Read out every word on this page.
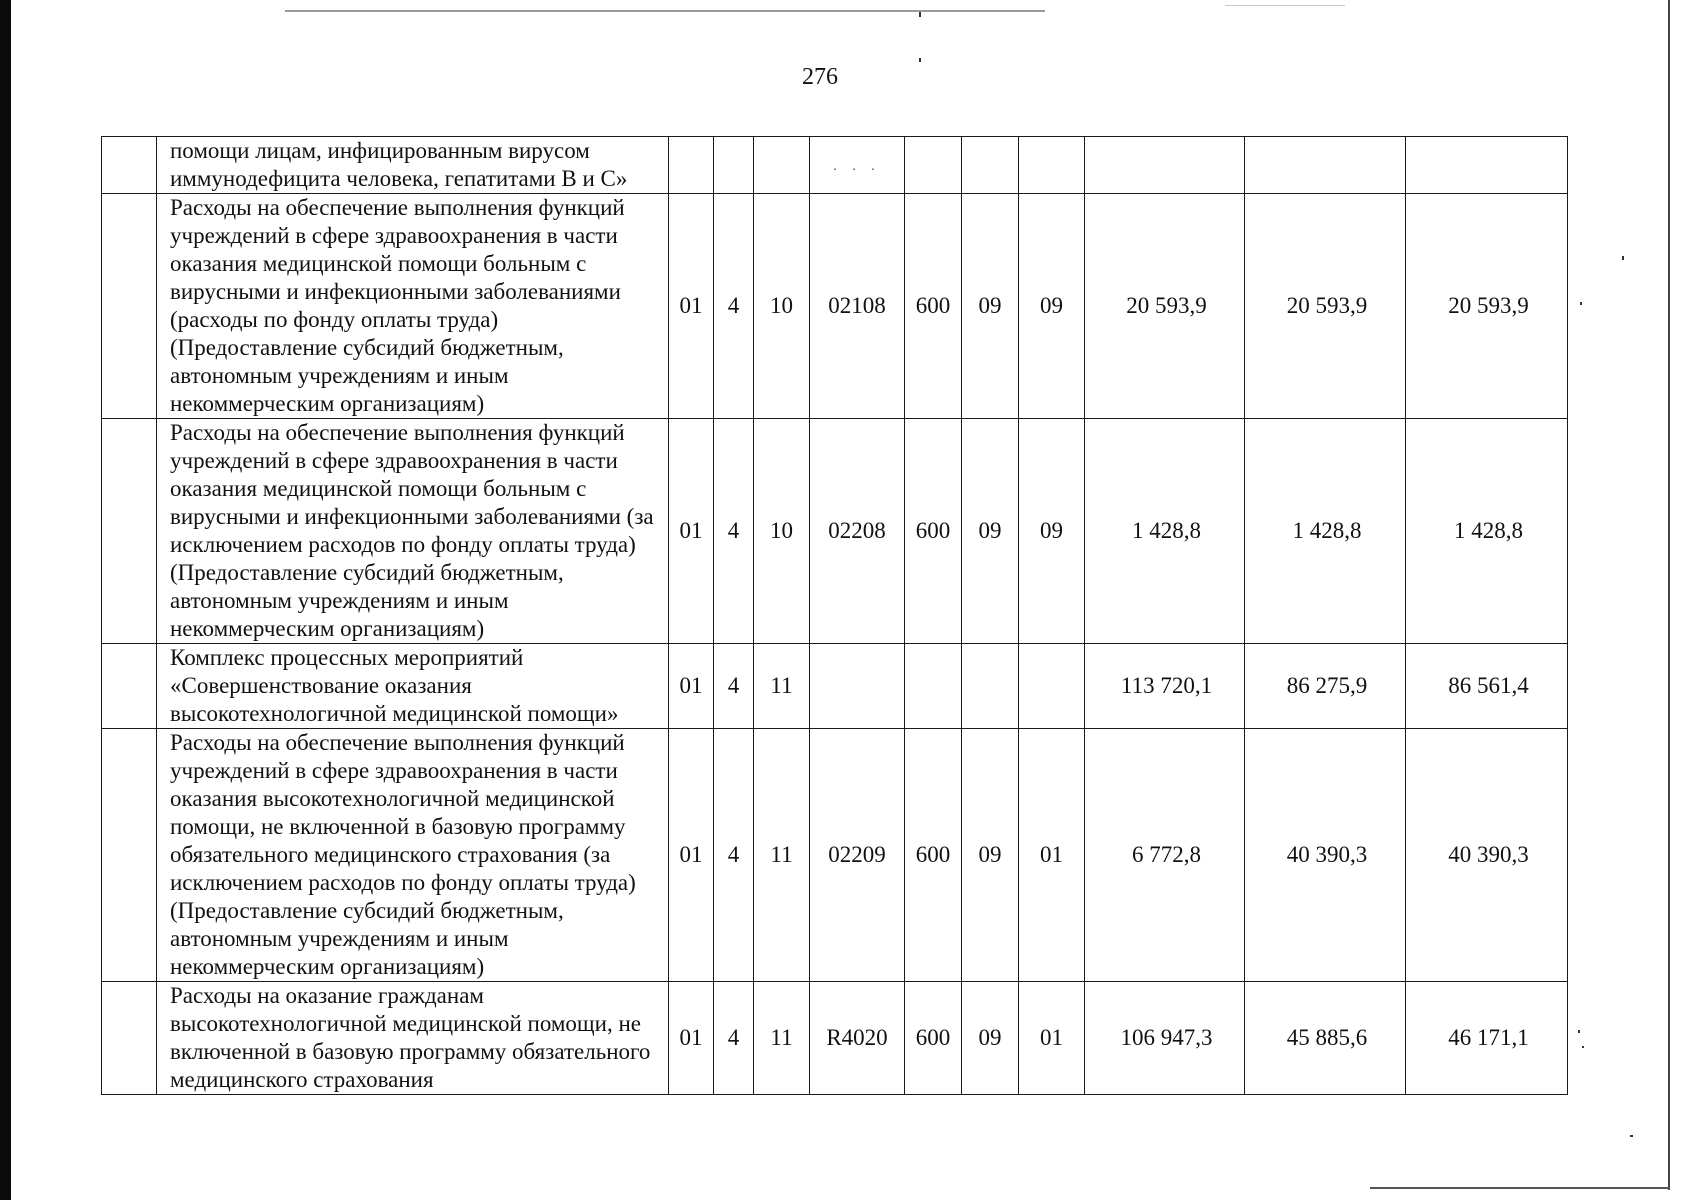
276
	помощи лицам, инфицированным вирусом иммунодефицита человека, гепатитами В и С»				. . .						
	Расходы на обеспечение выполнения функций учреждений в сфере здравоохранения в части оказания медицинской помощи больным с вирусными и инфекционными заболеваниями (расходы по фонду оплаты труда) (Предоставление субсидий бюджетным, автономным учреждениям и иным некоммерческим организациям)	01	4	10	02108	600	09	09	20 593,9	20 593,9	20 593,9
	Расходы на обеспечение выполнения функций учреждений в сфере здравоохранения в части оказания медицинской помощи больным с вирусными и инфекционными заболеваниями (за исключением расходов по фонду оплаты труда) (Предоставление субсидий бюджетным, автономным учреждениям и иным некоммерческим организациям)	01	4	10	02208	600	09	09	1 428,8	1 428,8	1 428,8
	Комплекс процессных мероприятий «Совершенствование оказания высокотехнологичной медицинской помощи»	01	4	11					113 720,1	86 275,9	86 561,4
	Расходы на обеспечение выполнения функций учреждений в сфере здравоохранения в части оказания высокотехнологичной медицинской помощи, не включенной в базовую программу обязательного медицинского страхования (за исключением расходов по фонду оплаты труда) (Предоставление субсидий бюджетным, автономным учреждениям и иным некоммерческим организациям)	01	4	11	02209	600	09	01	6 772,8	40 390,3	40 390,3
	Расходы на оказание гражданам высокотехнологичной медицинской помощи, не включенной в базовую программу обязательного медицинского страхования	01	4	11	R4020	600	09	01	106 947,3	45 885,6	46 171,1
